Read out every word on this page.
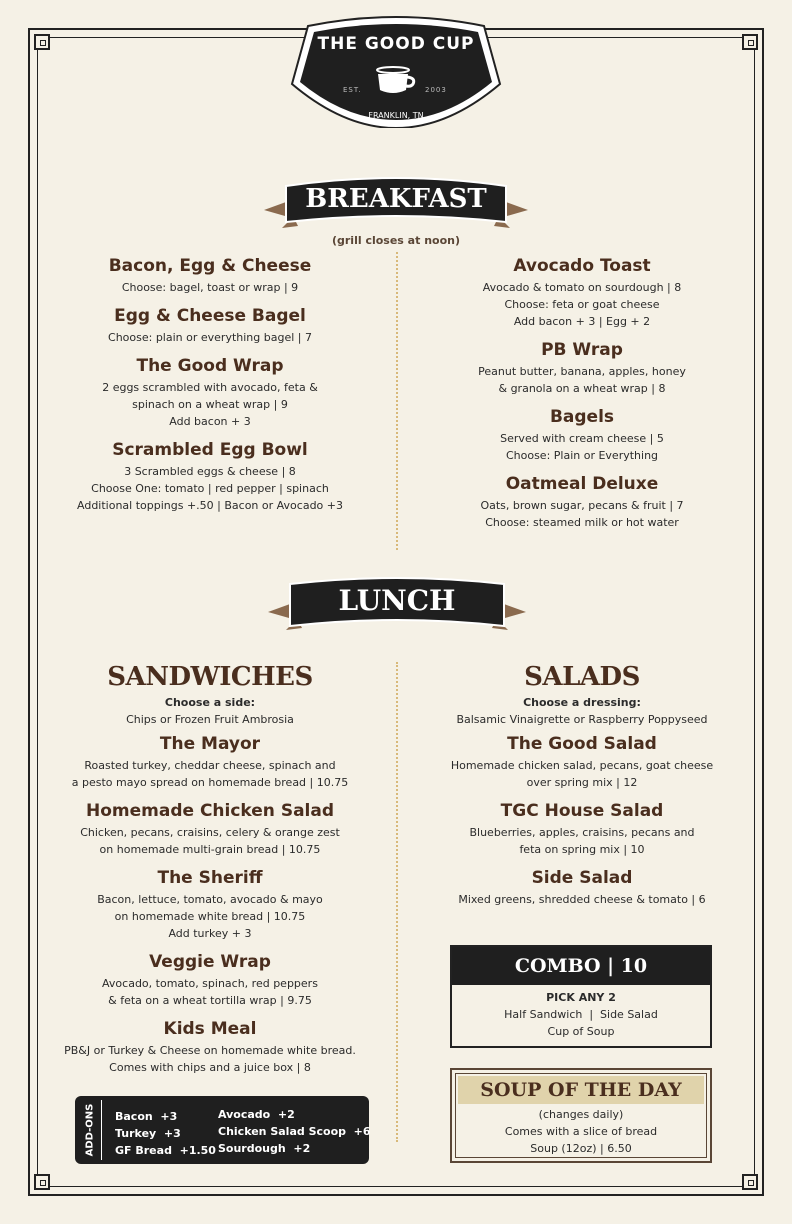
THE GOOD CUP
EST.	2003
FRANKLIN, TN
BREAKFAST
(grill closes at noon)
Bacon, Egg & Cheese
Choose: bagel, toast or wrap | 9
Egg & Cheese Bagel
Choose: plain or everything bagel | 7
The Good Wrap
2 eggs scrambled with avocado, feta &
spinach on a wheat wrap | 9
Add bacon + 3
Scrambled Egg Bowl
3 Scrambled eggs & cheese | 8
Choose One: tomato | red pepper | spinach
Additional toppings +.50 | Bacon or Avocado +3
Avocado Toast
Avocado & tomato on sourdough | 8
Choose: feta or goat cheese
Add bacon + 3 | Egg + 2
PB Wrap
Peanut butter, banana, apples, honey
& granola on a wheat wrap | 8
Bagels
Served with cream cheese | 5
Choose: Plain or Everything
Oatmeal Deluxe
Oats, brown sugar, pecans & fruit | 7
Choose: steamed milk or hot water
LUNCH
SANDWICHES
Choose a side:
Chips or Frozen Fruit Ambrosia
The Mayor
Roasted turkey, cheddar cheese, spinach and
a pesto mayo spread on homemade bread | 10.75
Homemade Chicken Salad
Chicken, pecans, craisins, celery & orange zest
on homemade multi-grain bread | 10.75
The Sheriff
Bacon, lettuce, tomato, avocado & mayo
on homemade white bread | 10.75
Add turkey + 3
Veggie Wrap
Avocado, tomato, spinach, red peppers
& feta on a wheat tortilla wrap | 9.75
Kids Meal
PB&J or Turkey & Cheese on homemade white bread.
Comes with chips and a juice box | 8
SALADS
Choose a dressing:
Balsamic Vinaigrette or Raspberry Poppyseed
The Good Salad
Homemade chicken salad, pecans, goat cheese
over spring mix | 12
TGC House Salad
Blueberries, apples, craisins, pecans and
feta on spring mix | 10
Side Salad
Mixed greens, shredded cheese & tomato | 6
COMBO | 10
PICK ANY 2
Half Sandwich  |  Side Salad
Cup of Soup
SOUP OF THE DAY
(changes daily)
Comes with a slice of bread
Soup (12oz) | 6.50
ADD-ONS Bacon  +3
Turkey  +3
GF Bread  +1.50
Avocado  +2
Chicken Salad Scoop  +6
Sourdough  +2
